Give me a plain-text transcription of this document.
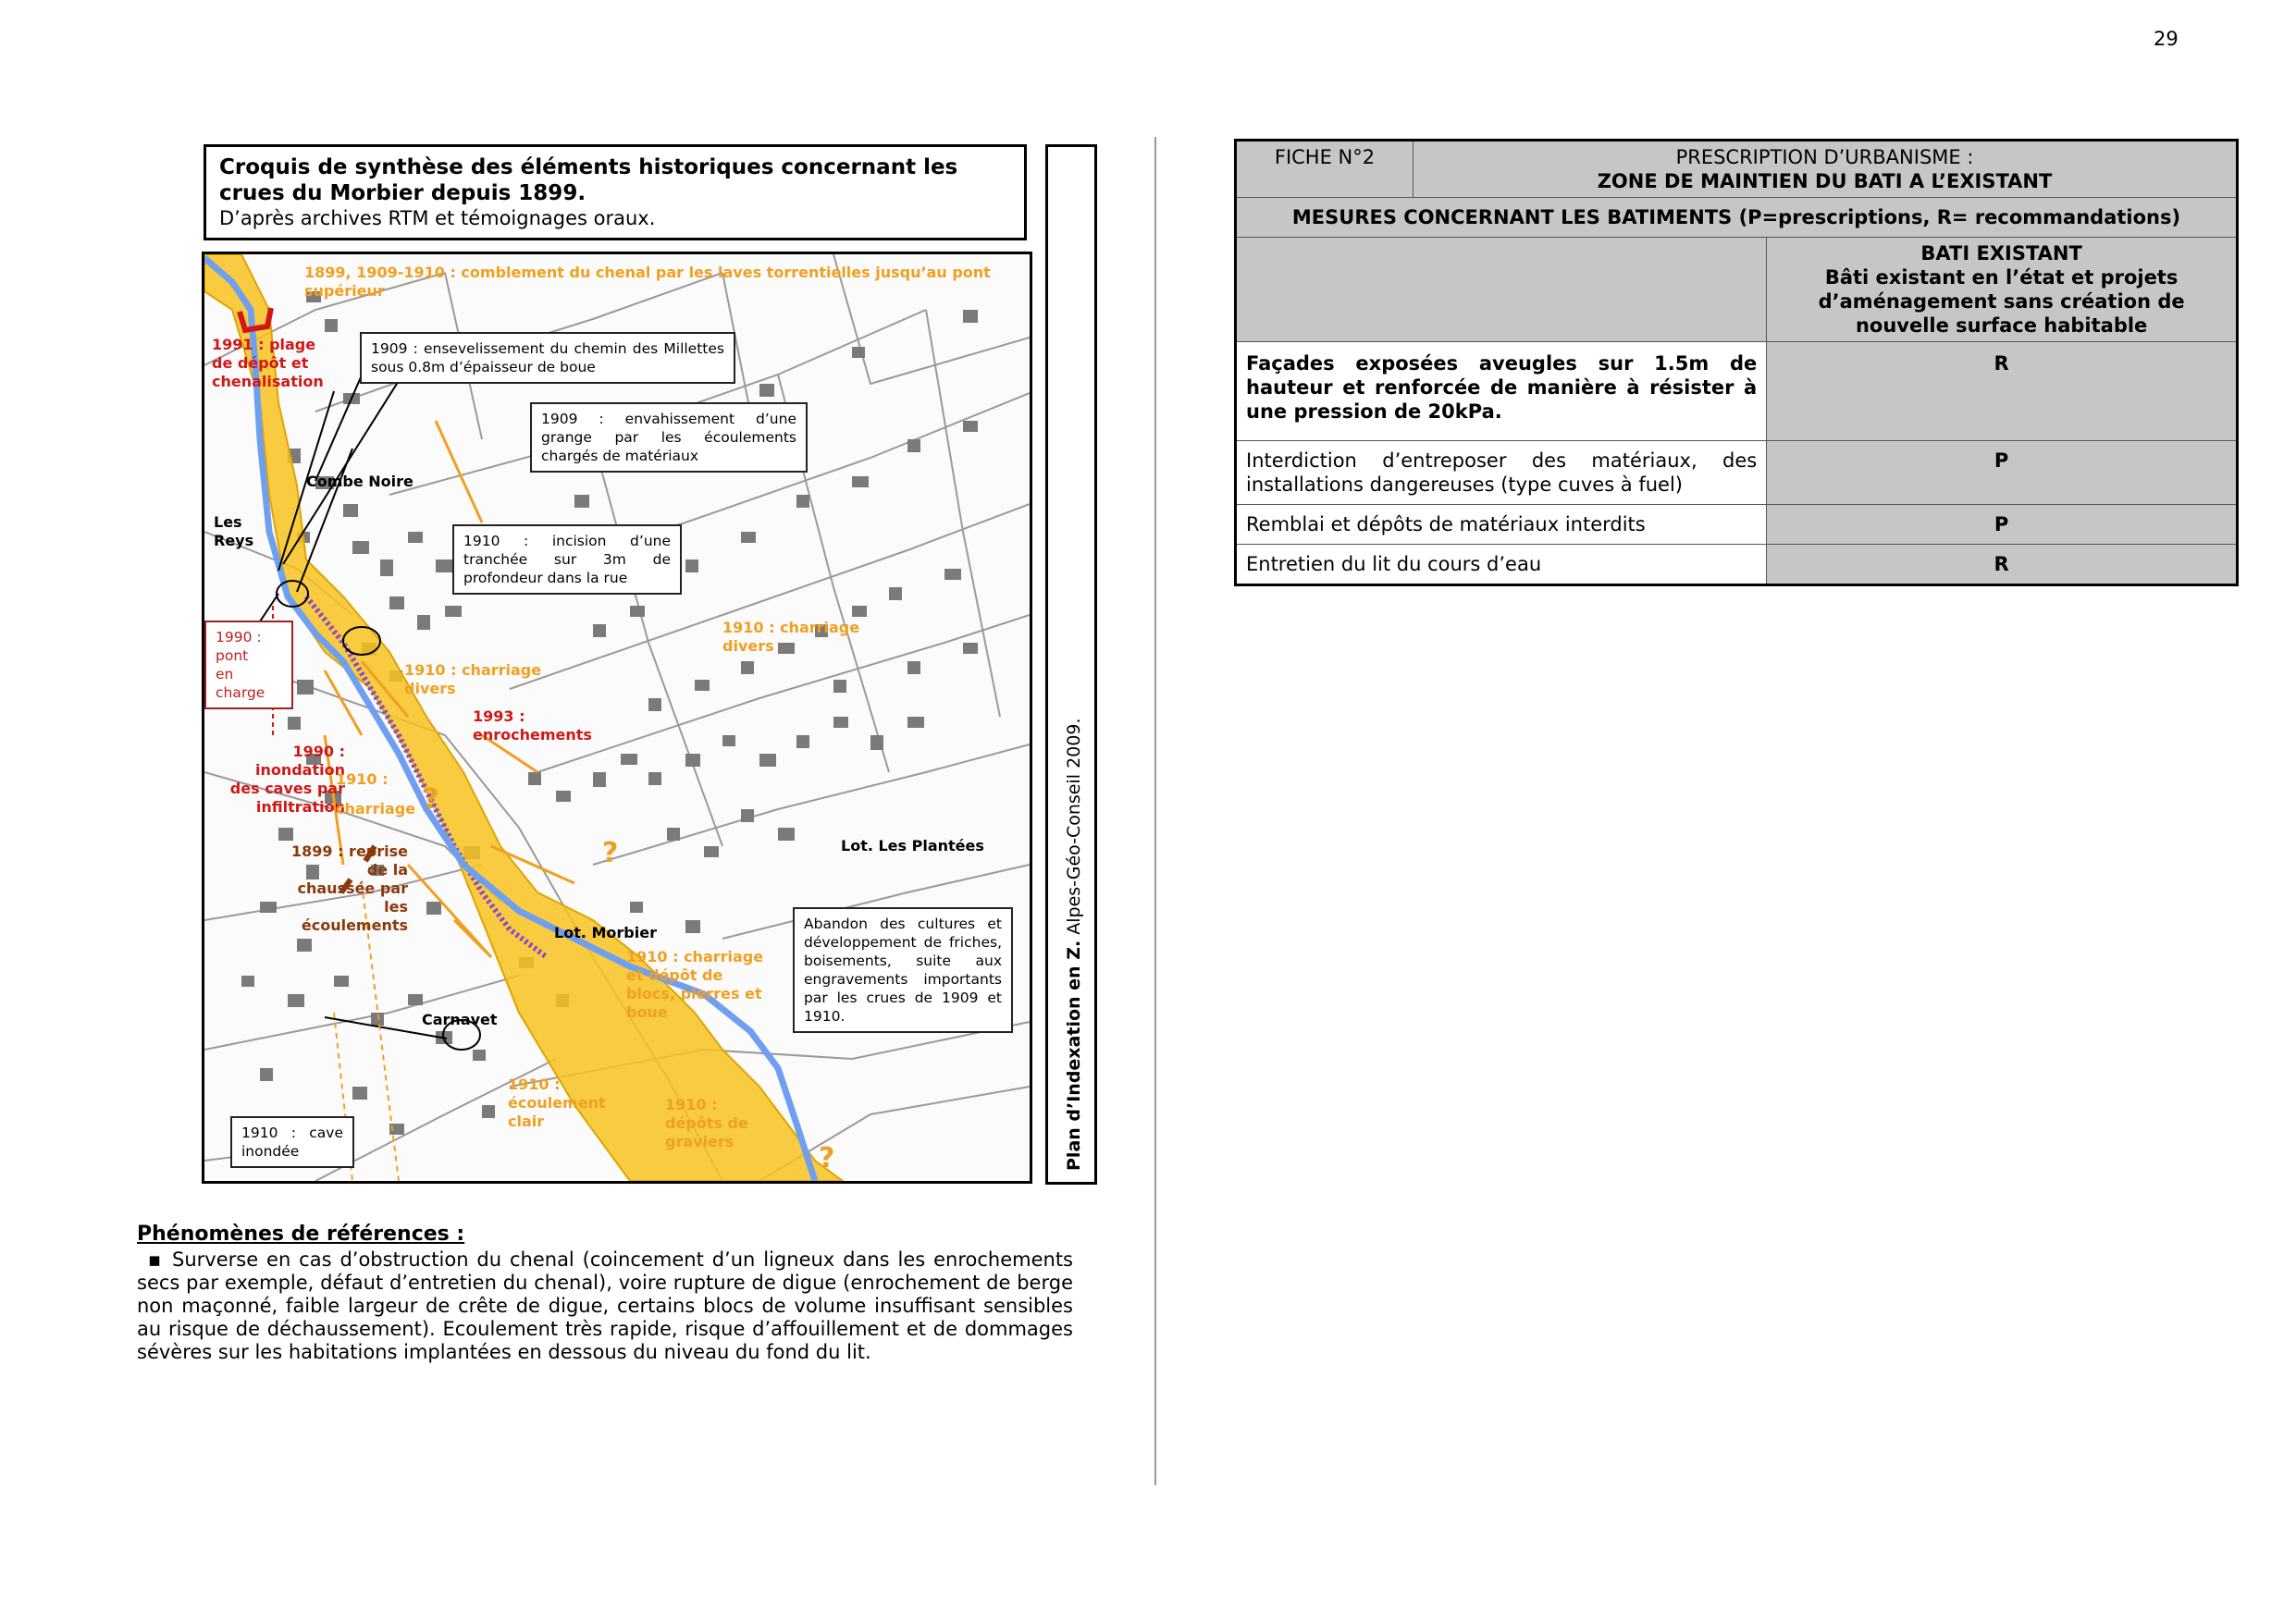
29
Croquis de synthèse des éléments historiques concernant les crues du Morbier depuis 1899.
D’après archives RTM et témoignages oraux.
Plan d’Indexation en Z. Alpes-Géo-Conseil 2009.
Combe Noire
Les
Reys
Lot. Les Plantées
Lot. Morbier
Carnavet
1899, 1909-1910 : comblement du chenal par les laves torrentielles jusqu’au pont supérieur
1991 : plage de dépôt et chenalisation
1910 : charriage divers
1910 : charriage divers
1993 : enrochements
1990 : inondation des caves par infiltration
1910 :
charriage
1899 : reprise de la chaussée par les écoulements
1910 : charriage et dépôt de blocs, pierres et boue
1910 : écoulement clair
1910 : dépôts de graviers
?
?
?
1909 : ensevelissement du chemin des Millettes sous 0.8m d’épaisseur de boue
1909 : envahissement d’une grange par les écoulements chargés de matériaux
1910 : incision d’une tranchée sur 3m de profondeur dans la rue
1990 :
pont
en
charge
Abandon des cultures et développement de friches, boisements, suite aux engravements importants par les crues de 1909 et 1910.
1910 : cave inondée
Phénomènes de références :
▪ Surverse en cas d’obstruction du chenal (coincement d’un ligneux dans les enrochements secs par exemple, défaut d’entretien du chenal), voire rupture de digue (enrochement de berge non maçonné, faible largeur de crête de digue, certains blocs de volume insuffisant sensibles au risque de déchaussement). Ecoulement très rapide, risque d’affouillement et de dommages sévères sur les habitations implantées en dessous du niveau du fond du lit.
FICHE N°2	PRESCRIPTION D’URBANISME :
ZONE DE MAINTIEN DU BATI A L’EXISTANT

MESURES CONCERNANT LES BATIMENTS (P=prescriptions, R= recommandations)

BATI EXISTANT
Bâti existant en l’état et projets d’aménagement sans création de nouvelle surface habitable

Façades exposées aveugles sur 1.5m de hauteur et renforcée de manière à résister à une pression de 20kPa.	R
Interdiction d’entreposer des matériaux, des installations dangereuses (type cuves à fuel)	P
Remblai et dépôts de matériaux interdits	P
Entretien du lit du cours d’eau	R
